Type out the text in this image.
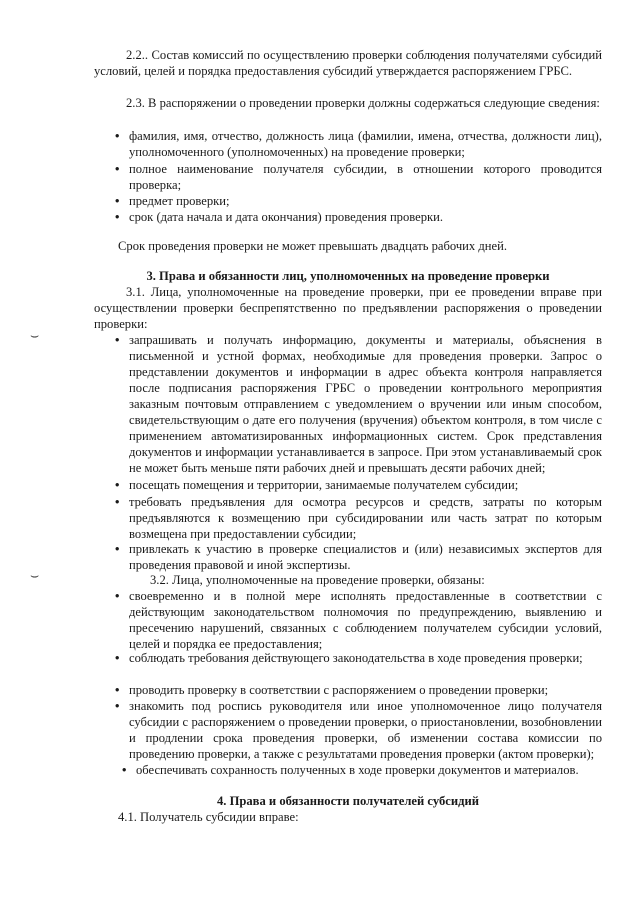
2.2.. Состав комиссий по осуществлению проверки соблюдения получателями субсидий условий, целей и порядка предоставления субсидий утверждается распоряжением ГРБС.

2.3. В распоряжении о проведении проверки должны содержаться следующие сведения:

• фамилия, имя, отчество, должность лица (фамилии, имена, отчества, должности лиц), уполномоченного (уполномоченных) на проведение проверки;
• полное наименование получателя субсидии, в отношении которого проводится проверка;
• предмет проверки;
• срок (дата начала и дата окончания) проведения проверки.

Срок проведения проверки не может превышать двадцать рабочих дней.

3. Права и обязанности лиц, уполномоченных на проведение проверки

3.1. Лица, уполномоченные на проведение проверки, при ее проведении вправе при осуществлении проверки беспрепятственно по предъявлении распоряжения о проведении проверки:

⌣	• запрашивать и получать информацию, документы и материалы, объяснения в письменной и устной формах, необходимые для проведения проверки. Запрос о представлении документов и информации в адрес объекта контроля направляется после подписания распоряжения ГРБС о проведении контрольного мероприятия заказным почтовым отправлением с уведомлением о вручении или иным способом, свидетельствующим о дате его получения (вручения) объектом контроля, в том числе с применением автоматизированных информационных систем. Срок представления документов и информации устанавливается в запросе. При этом устанавливаемый срок не может быть меньше пяти рабочих дней и превышать десяти рабочих дней;
• посещать помещения и территории, занимаемые получателем субсидии;
• требовать предъявления для осмотра ресурсов и средств, затраты по которым предъявляются к возмещению при субсидировании или часть затрат по которым возмещена при предоставлении субсидии;
• привлекать к участию в проверке специалистов и (или) независимых экспертов для проведения правовой и иной экспертизы.
⌣	3.2. Лица, уполномоченные на проведение проверки, обязаны:

• своевременно и в полной мере исполнять предоставленные в соответствии с действующим законодательством полномочия по предупреждению, выявлению и пресечению нарушений, связанных с соблюдением получателем субсидии условий, целей и порядка ее предоставления;
• соблюдать требования действующего законодательства в ходе проведения проверки;
• проводить проверку в соответствии с распоряжением о проведении проверки;
• знакомить под роспись руководителя или иное уполномоченное лицо получателя субсидии с распоряжением о проведении проверки, о приостановлении, возобновлении и продлении срока проведения проверки, об изменении состава комиссии по проведению проверки, а также с результатами проведения проверки (актом проверки);
• обеспечивать сохранность полученных в ходе проверки документов и материалов.

4. Права и обязанности получателей субсидий

4.1. Получатель субсидии вправе:
